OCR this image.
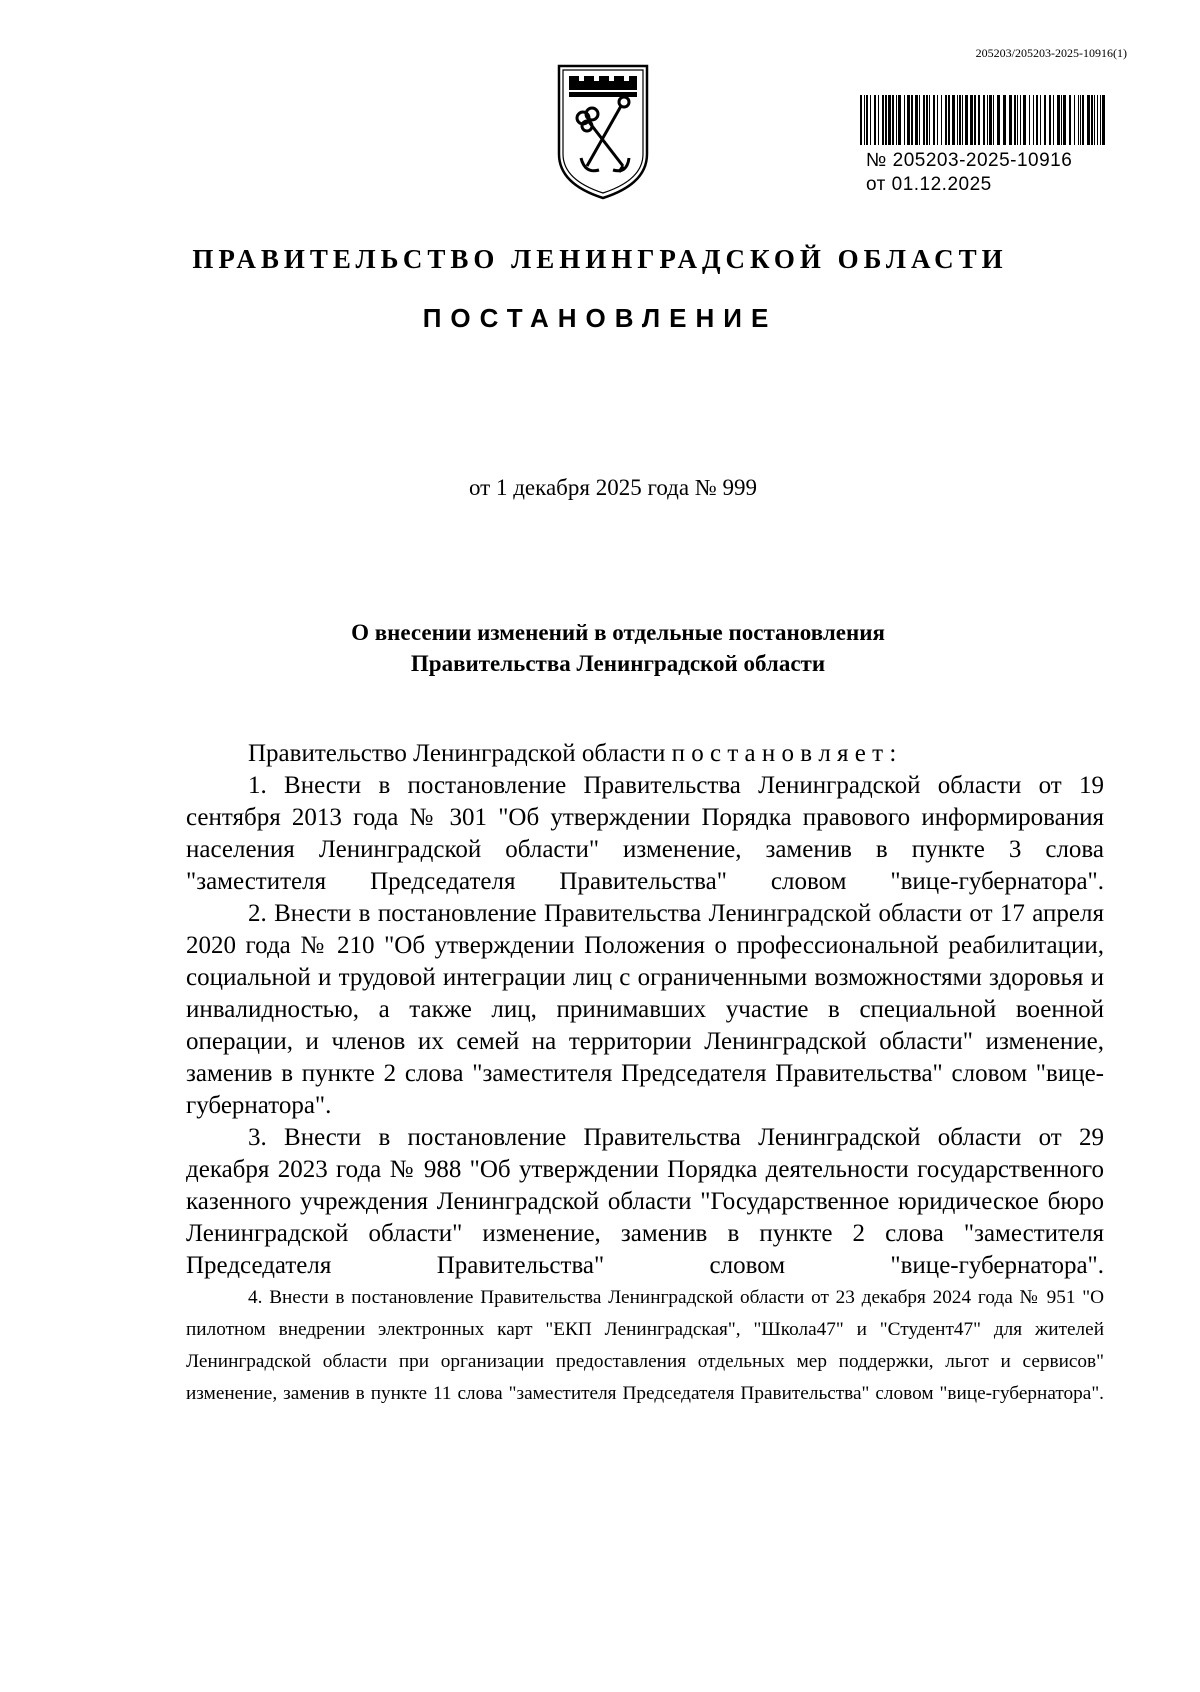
205203/205203-2025-10916(1)
№ 205203-2025-10916
от 01.12.2025
ПРАВИТЕЛЬСТВО ЛЕНИНГРАДСКОЙ ОБЛАСТИ
ПОСТАНОВЛЕНИЕ
от 1 декабря 2025 года № 999
О внесении изменений в отдельные постановления
Правительства Ленинградской области

Правительство Ленинградской области п о с т а н о в л я е т :

1. Внести в постановление Правительства Ленинградской области от 19 сентября 2013 года № 301 "Об утверждении Порядка правового информирования населения Ленинградской области" изменение, заменив в пункте 3 слова "заместителя Председателя Правительства" словом "вице-губернатора".

2. Внести в постановление Правительства Ленинградской области от 17 апреля 2020 года № 210 "Об утверждении Положения о профессиональной реабилитации, социальной и трудовой интеграции лиц с ограниченными возможностями здоровья и инвалидностью, а также лиц, принимавших участие в специальной военной операции, и членов их семей на территории Ленинградской области" изменение, заменив в пункте 2 слова "заместителя Председателя Правительства" словом "вице-губернатора".

3. Внести в постановление Правительства Ленинградской области от 29 декабря 2023 года № 988 "Об утверждении Порядка деятельности государственного казенного учреждения Ленинградской области "Государственное юридическое бюро Ленинградской области" изменение, заменив в пункте 2 слова "заместителя Председателя Правительства" словом "вице-губернатора".

4. Внести в постановление Правительства Ленинградской области от 23 декабря 2024 года № 951 "О пилотном внедрении электронных карт "ЕКП Ленинградская", "Школа47" и "Студент47" для жителей Ленинградской области при организации предоставления отдельных мер поддержки, льгот и сервисов" изменение, заменив в пункте 11 слова "заместителя Председателя Правительства" словом "вице-губернатора".
